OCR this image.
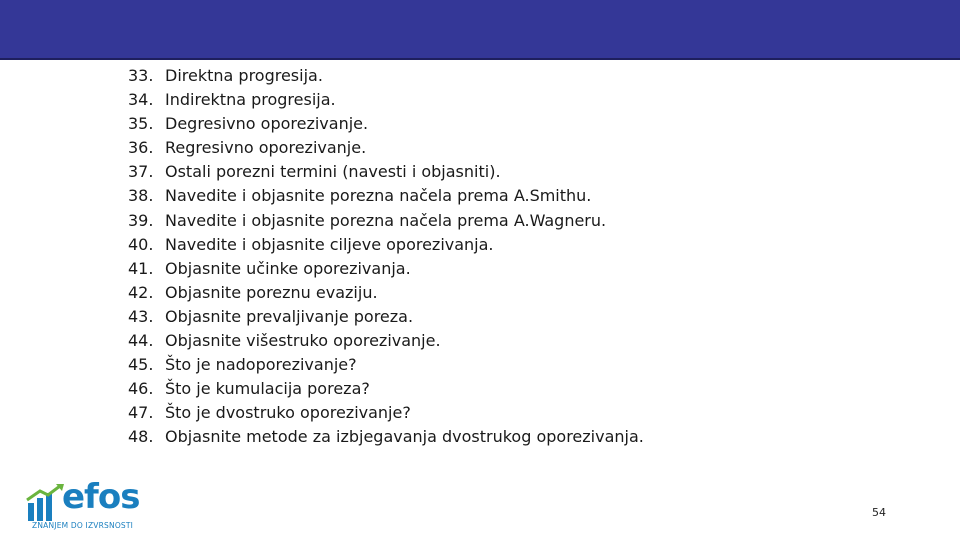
33. Direktna progresija.
34. Indirektna progresija.
35. Degresivno oporezivanje.
36. Regresivno oporezivanje.
37. Ostali porezni termini (navesti i objasniti).
38. Navedite i objasnite porezna načela prema A.Smithu.
39. Navedite i objasnite porezna načela prema A.Wagneru.
40. Navedite i objasnite ciljeve oporezivanja.
41. Objasnite učinke oporezivanja.
42. Objasnite poreznu evaziju.
43. Objasnite prevaljivanje poreza.
44. Objasnite višestruko oporezivanje.
45. Što je nadoporezivanje?
46. Što je kumulacija poreza?
47. Što je dvostruko oporezivanje?
48. Objasnite metode za izbjegavanja dvostrukog oporezivanja.
efos
ZNANJEM DO IZVRSNOSTI
54
